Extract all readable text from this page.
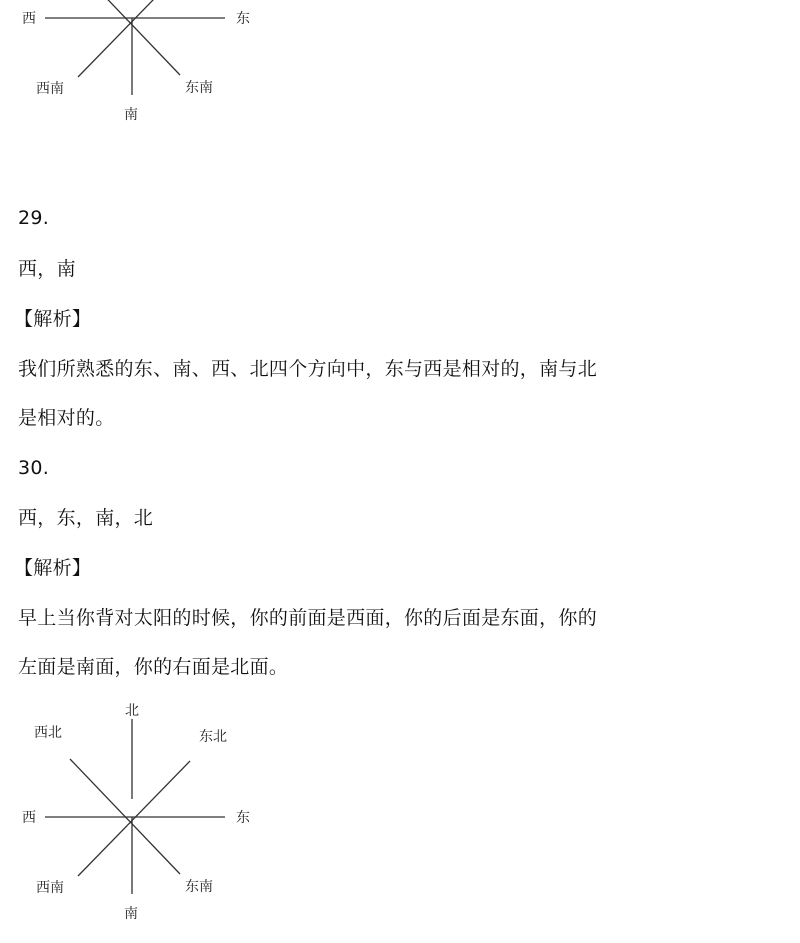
西	东
西南	东南
南

29.

西，南

【解析】

我们所熟悉的东、南、西、北四个方向中，东与西是相对的，南与北

是相对的。

30.

西，东，南，北

【解析】

早上当你背对太阳的时候，你的前面是西面，你的后面是东面，你的

左面是南面，你的右面是北面。

北
西北	东北
西	东
西南	东南
南
